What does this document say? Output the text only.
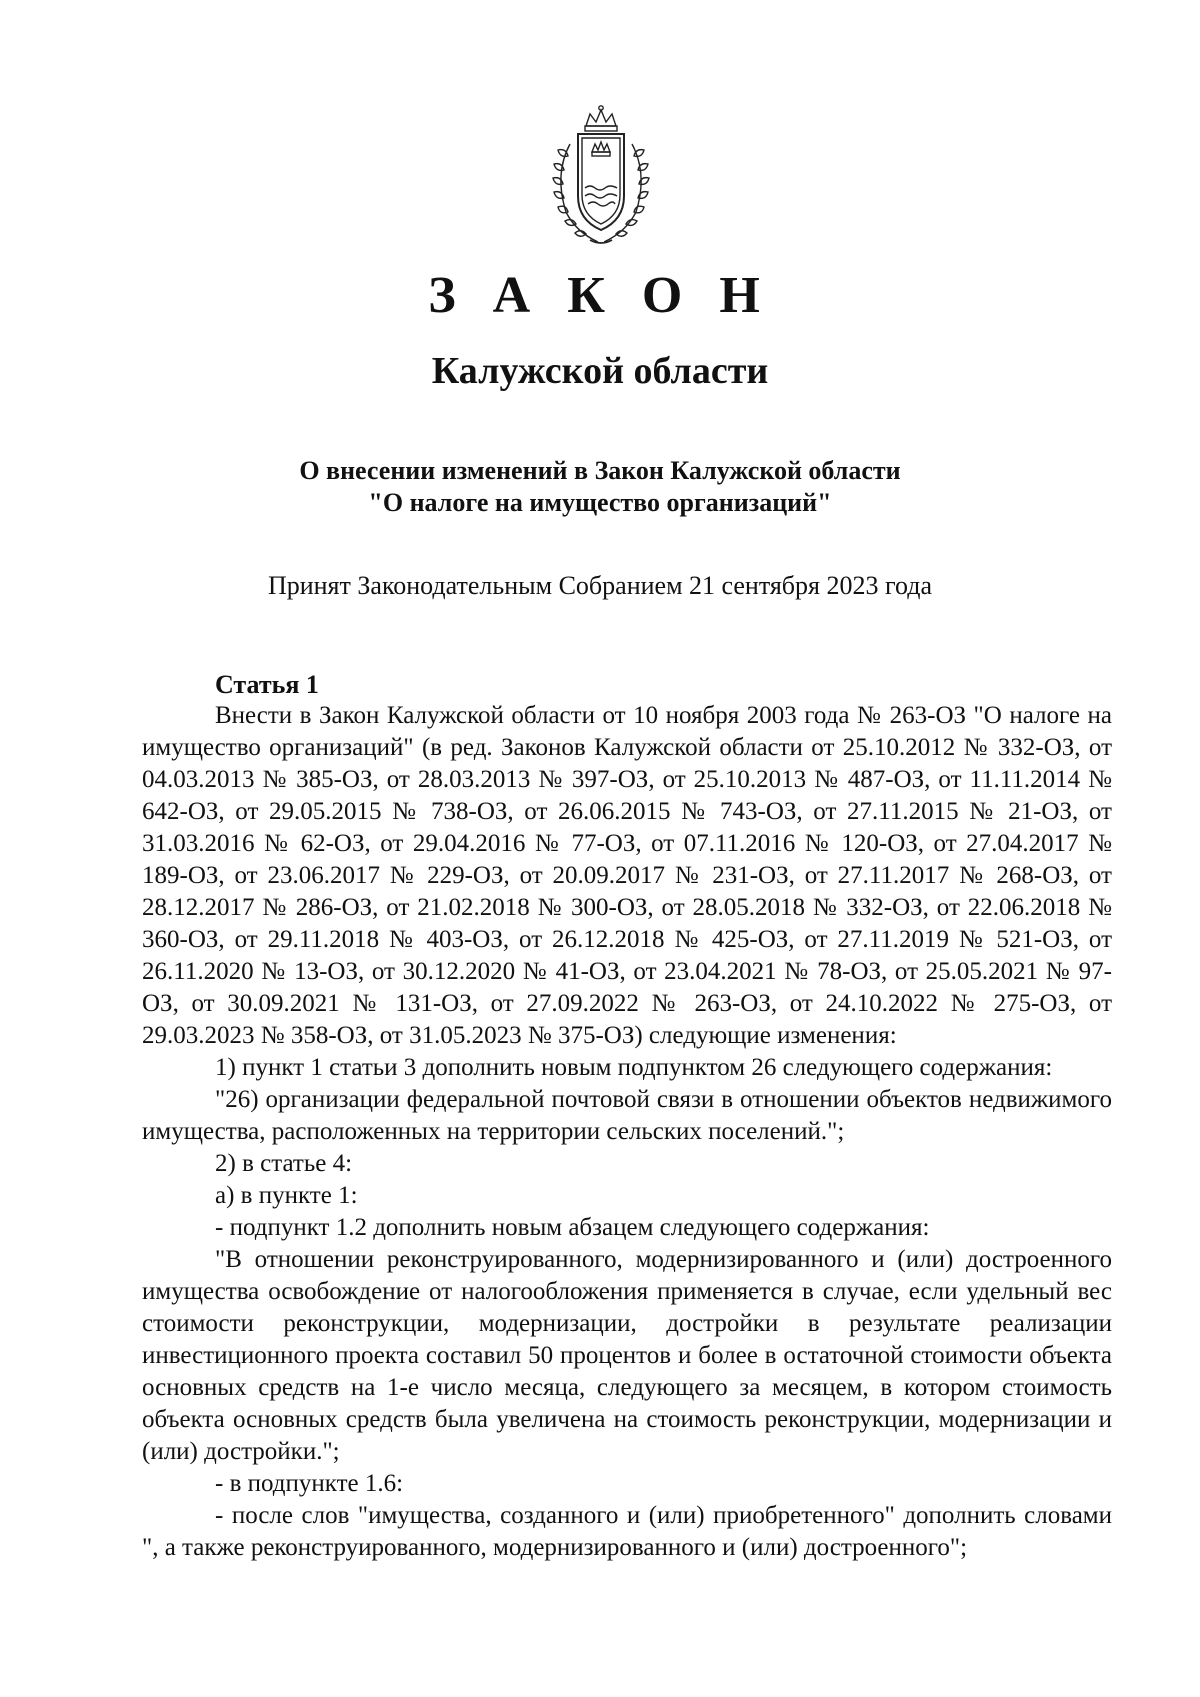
З А К О Н
Калужской области
О внесении изменений в Закон Калужской области
"О налоге на имущество организаций"
Принят Законодательным Собранием 21 сентября 2023 года
Статья 1

Внести в Закон Калужской области от 10 ноября 2003 года № 263-ОЗ "О налоге на имущество организаций" (в ред. Законов Калужской области от 25.10.2012 № 332-ОЗ, от 04.03.2013 № 385-ОЗ, от 28.03.2013 № 397-ОЗ, от 25.10.2013 № 487-ОЗ, от 11.11.2014 № 642-ОЗ, от 29.05.2015 № 738-ОЗ, от 26.06.2015 № 743-ОЗ, от 27.11.2015 № 21-ОЗ, от 31.03.2016 № 62-ОЗ, от 29.04.2016 № 77-ОЗ, от 07.11.2016 № 120-ОЗ, от 27.04.2017 № 189-ОЗ, от 23.06.2017 № 229-ОЗ, от 20.09.2017 № 231-ОЗ, от 27.11.2017 № 268-ОЗ, от 28.12.2017 № 286-ОЗ, от 21.02.2018 № 300-ОЗ, от 28.05.2018 № 332-ОЗ, от 22.06.2018 № 360-ОЗ, от 29.11.2018 № 403-ОЗ, от 26.12.2018 № 425-ОЗ, от 27.11.2019 № 521-ОЗ, от 26.11.2020 № 13-ОЗ, от 30.12.2020 № 41-ОЗ, от 23.04.2021 № 78-ОЗ, от 25.05.2021 № 97-ОЗ, от 30.09.2021 № 131-ОЗ, от 27.09.2022 № 263-ОЗ, от 24.10.2022 № 275-ОЗ, от 29.03.2023 № 358-ОЗ, от 31.05.2023 № 375-ОЗ) следующие изменения:

1) пункт 1 статьи 3 дополнить новым подпунктом 26 следующего содержания:

"26) организации федеральной почтовой связи в отношении объектов недвижимого имущества, расположенных на территории сельских поселений.";

2) в статье 4:

а) в пункте 1:

- подпункт 1.2 дополнить новым абзацем следующего содержания:

"В отношении реконструированного, модернизированного и (или) достроенного имущества освобождение от налогообложения применяется в случае, если удельный вес стоимости реконструкции, модернизации, достройки в результате реализации инвестиционного проекта составил 50 процентов и более в остаточной стоимости объекта основных средств на 1-е число месяца, следующего за месяцем, в котором стоимость объекта основных средств была увеличена на стоимость реконструкции, модернизации и (или) достройки.";

- в подпункте 1.6:

- после слов "имущества, созданного и (или) приобретенного" дополнить словами ", а также реконструированного, модернизированного и (или) достроенного";
